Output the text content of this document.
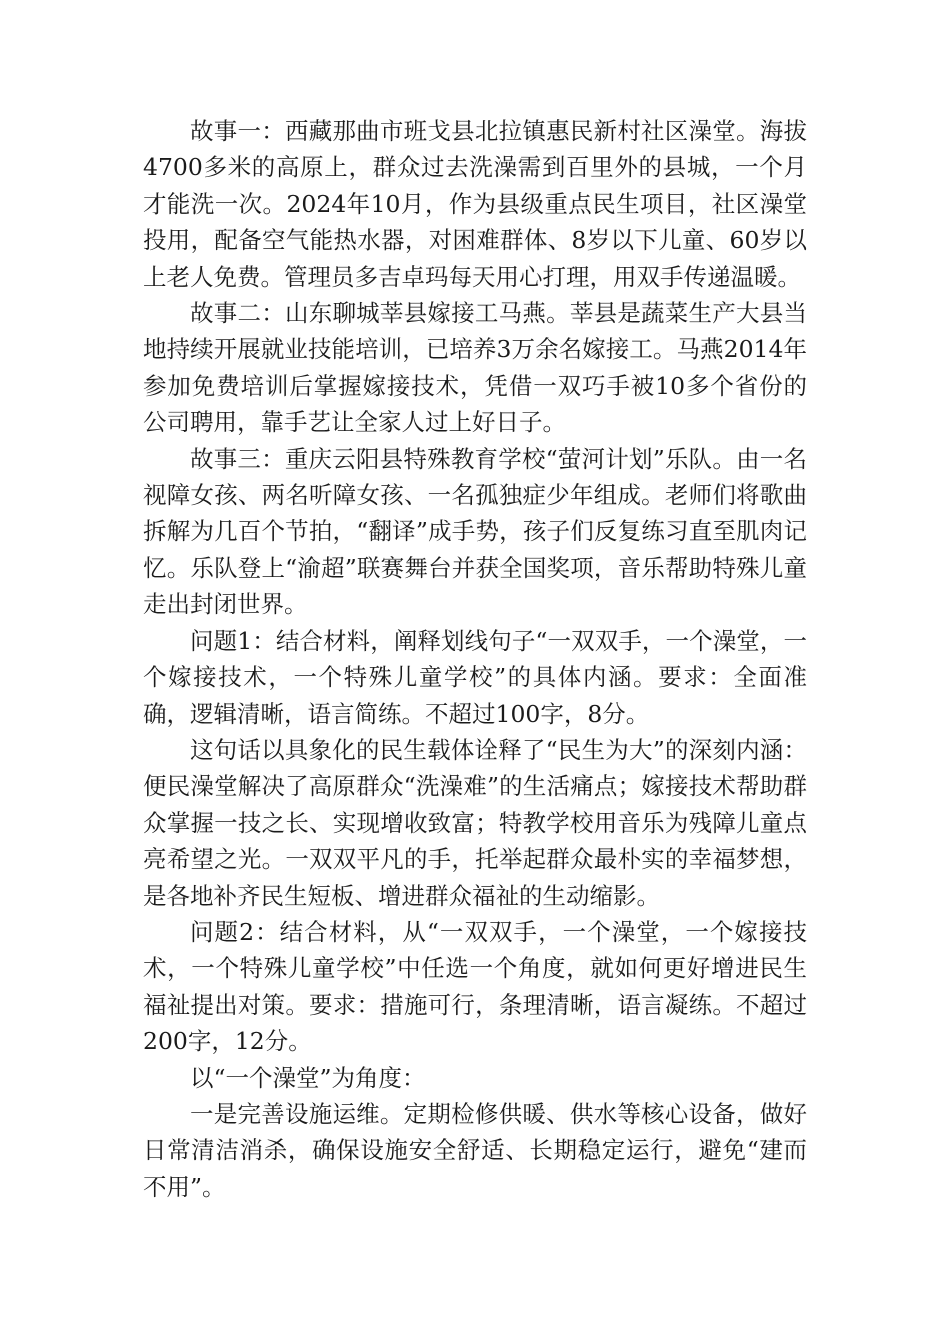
故事一：西藏那曲市班戈县北拉镇惠民新村社区澡堂。海拔4700多米的高原上，群众过去洗澡需到百里外的县城，一个月才能洗一次。2024年10月，作为县级重点民生项目，社区澡堂投用，配备空气能热水器，对困难群体、8岁以下儿童、60岁以上老人免费。管理员多吉卓玛每天用心打理，用双手传递温暖。

故事二：山东聊城莘县嫁接工马燕。莘县是蔬菜生产大县当地持续开展就业技能培训，已培养3万余名嫁接工。马燕2014年参加免费培训后掌握嫁接技术，凭借一双巧手被10多个省份的公司聘用，靠手艺让全家人过上好日子。

故事三：重庆云阳县特殊教育学校“萤河计划”乐队。由一名视障女孩、两名听障女孩、一名孤独症少年组成。老师们将歌曲拆解为几百个节拍，“翻译”成手势，孩子们反复练习直至肌肉记忆。乐队登上“渝超”联赛舞台并获全国奖项，音乐帮助特殊儿童走出封闭世界。

问题1：结合材料，阐释划线句子“一双双手，一个澡堂，一个嫁接技术，一个特殊儿童学校”的具体内涵。要求：全面准确，逻辑清晰，语言简练。不超过100字，8分。

这句话以具象化的民生载体诠释了“民生为大”的深刻内涵：便民澡堂解决了高原群众“洗澡难”的生活痛点；嫁接技术帮助群众掌握一技之长、实现增收致富；特教学校用音乐为残障儿童点亮希望之光。一双双平凡的手，托举起群众最朴实的幸福梦想，是各地补齐民生短板、增进群众福祉的生动缩影。

问题2：结合材料，从“一双双手，一个澡堂，一个嫁接技术，一个特殊儿童学校”中任选一个角度，就如何更好增进民生福祉提出对策。要求：措施可行，条理清晰，语言凝练。不超过200字，12分。

以“一个澡堂”为角度：

一是完善设施运维。定期检修供暖、供水等核心设备，做好日常清洁消杀，确保设施安全舒适、长期稳定运行，避免“建而不用”。
